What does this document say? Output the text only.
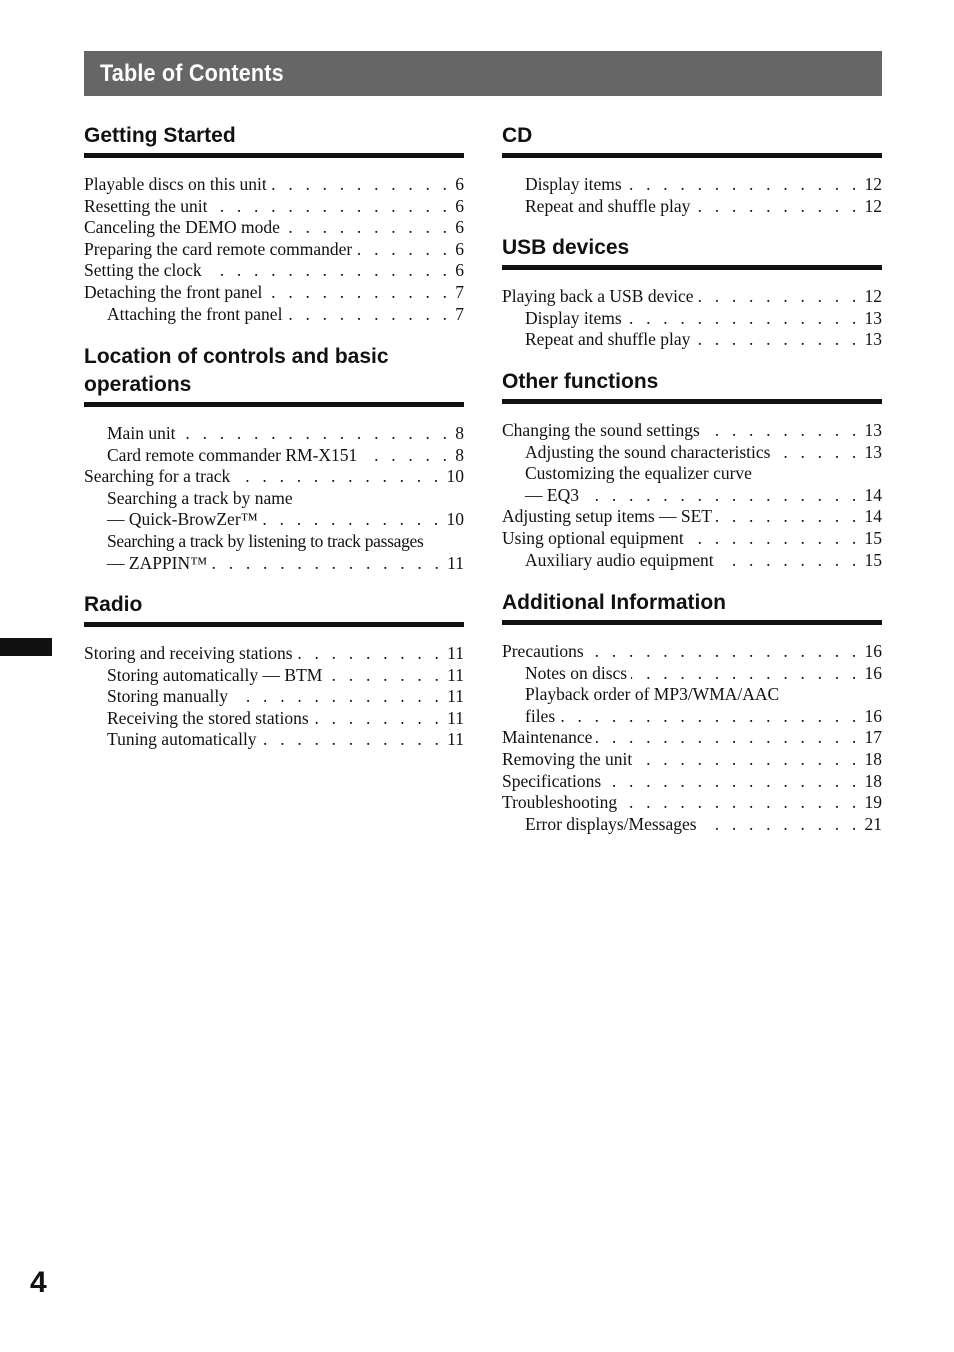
Table of Contents
Getting Started
Playable discs on this unit . . .	6
Resetting the unit . . .	6
Canceling the DEMO mode . . .	6
Preparing the card remote commander . . .	6
Setting the clock . . .	6
Detaching the front panel . . .	7
Attaching the front panel . . .	7
Location of controls and basic
operations
Main unit . . .	8
Card remote commander RM-X151 . . .	8
Searching for a track . . .	10
Searching a track by name
— Quick-BrowZer™ . . .	10
Searching a track by listening to track passages
— ZAPPIN™ . . .	11
Radio
Storing and receiving stations . . .	11
Storing automatically — BTM . . .	11
Storing manually . . .	11
Receiving the stored stations . . .	11
Tuning automatically . . .	11
CD
Display items . . .	12
Repeat and shuffle play . . .	12
USB devices
Playing back a USB device . . .	12
Display items . . .	13
Repeat and shuffle play . . .	13
Other functions
Changing the sound settings . . .	13
Adjusting the sound characteristics . . .	13
Customizing the equalizer curve
— EQ3 . . .	14
Adjusting setup items — SET . . .	14
Using optional equipment . . .	15
Auxiliary audio equipment . . .	15
Additional Information
Precautions . . .	16
Notes on discs . . .	16
Playback order of MP3/WMA/AAC
files . . .	16
Maintenance . . .	17
Removing the unit . . .	18
Specifications . . .	18
Troubleshooting . . .	19
Error displays/Messages . . .	21
4
